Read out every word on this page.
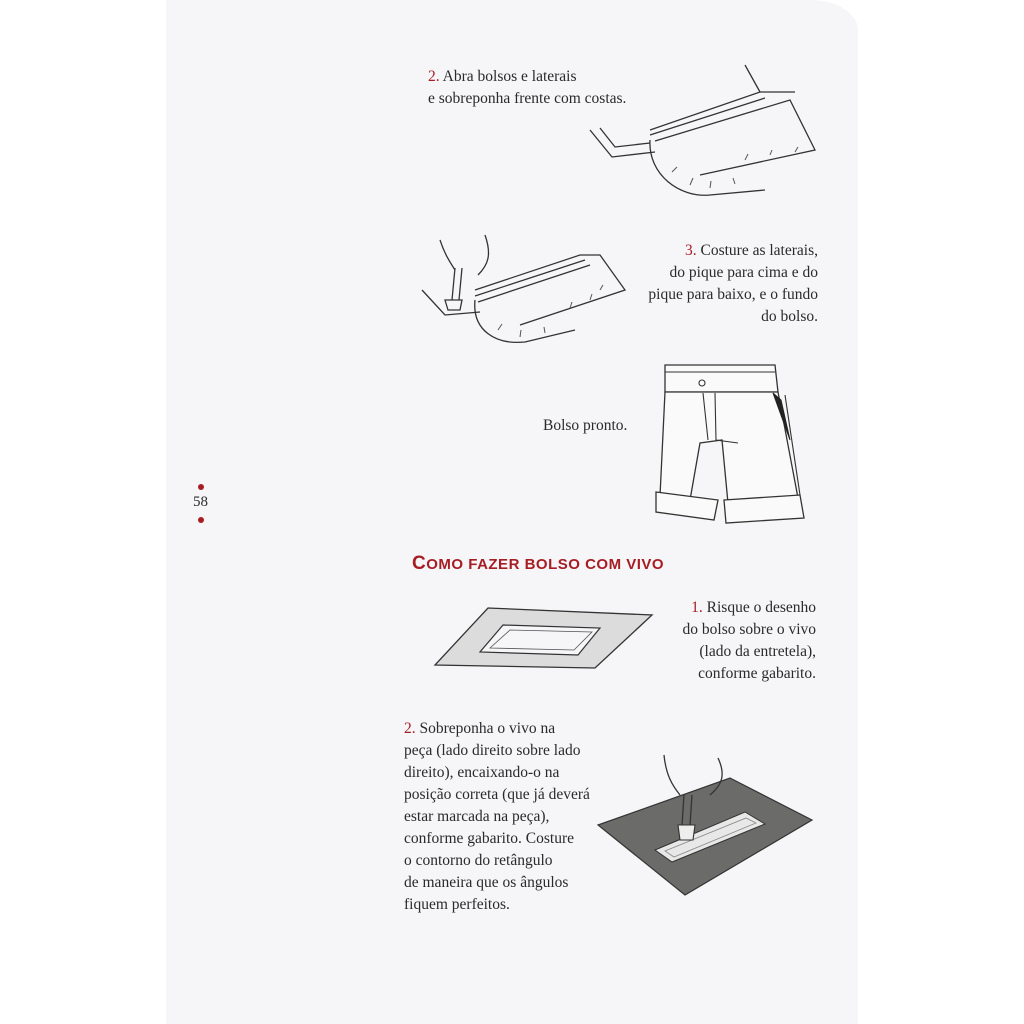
2. Abra bolsos e laterais
e sobreponha frente com costas.
3. Costure as laterais,
do pique para cima e do
pique para baixo, e o fundo
do bolso.
Bolso pronto.
58
COMO FAZER BOLSO COM VIVO
1. Risque o desenho
do bolso sobre o vivo
(lado da entretela),
conforme gabarito.
2. Sobreponha o vivo na
peça (lado direito sobre lado
direito), encaixando-o na
posição correta (que já deverá
estar marcada na peça),
conforme gabarito. Costure
o contorno do retângulo
de maneira que os ângulos
fiquem perfeitos.
